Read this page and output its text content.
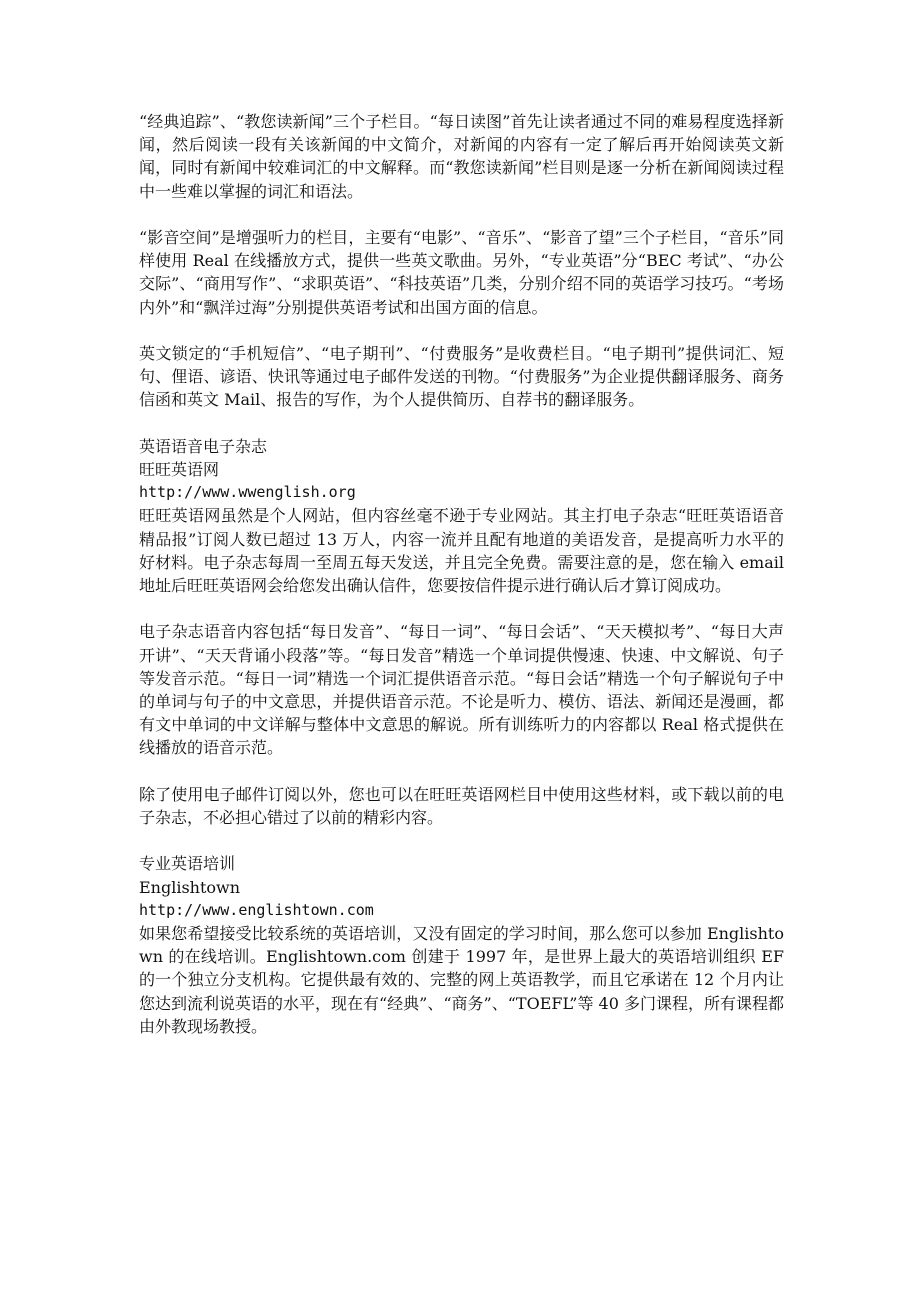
“经典追踪”、“教您读新闻”三个子栏目。“每日读图”首先让读者通过不同的难易程度选择新闻，然后阅读一段有关该新闻的中文简介，对新闻的内容有一定了解后再开始阅读英文新闻，同时有新闻中较难词汇的中文解释。而“教您读新闻”栏目则是逐一分析在新闻阅读过程中一些难以掌握的词汇和语法。

“影音空间”是增强听力的栏目，主要有“电影”、“音乐”、“影音了望”三个子栏目，“音乐”同样使用 Real 在线播放方式，提供一些英文歌曲。另外，“专业英语”分“BEC 考试”、“办公交际”、“商用写作”、“求职英语”、“科技英语”几类，分别介绍不同的英语学习技巧。“考场内外”和“飘洋过海”分别提供英语考试和出国方面的信息。

英文锁定的“手机短信”、“电子期刊”、“付费服务”是收费栏目。“电子期刊”提供词汇、短句、俚语、谚语、快讯等通过电子邮件发送的刊物。“付费服务”为企业提供翻译服务、商务信函和英文 Mail、报告的写作，为个人提供简历、自荐书的翻译服务。

英语语音电子杂志
旺旺英语网
http://www.wwenglish.org

旺旺英语网虽然是个人网站，但内容丝毫不逊于专业网站。其主打电子杂志“旺旺英语语音精品报”订阅人数已超过 13 万人，内容一流并且配有地道的美语发音，是提高听力水平的好材料。电子杂志每周一至周五每天发送，并且完全免费。需要注意的是，您在输入 email 地址后旺旺英语网会给您发出确认信件，您要按信件提示进行确认后才算订阅成功。

电子杂志语音内容包括“每日发音”、“每日一词”、“每日会话”、“天天模拟考”、“每日大声开讲”、“天天背诵小段落”等。“每日发音”精选一个单词提供慢速、快速、中文解说、句子等发音示范。“每日一词”精选一个词汇提供语音示范。“每日会话”精选一个句子解说句子中的单词与句子的中文意思，并提供语音示范。不论是听力、模仿、语法、新闻还是漫画，都有文中单词的中文详解与整体中文意思的解说。所有训练听力的内容都以 Real 格式提供在线播放的语音示范。

除了使用电子邮件订阅以外，您也可以在旺旺英语网栏目中使用这些材料，或下载以前的电子杂志，不必担心错过了以前的精彩内容。

专业英语培训
Englishtown
http://www.englishtown.com

如果您希望接受比较系统的英语培训，又没有固定的学习时间，那么您可以参加 Englishtown 的在线培训。Englishtown.com 创建于 1997 年，是世界上最大的英语培训组织 EF 的一个独立分支机构。它提供最有效的、完整的网上英语教学，而且它承诺在 12 个月内让您达到流利说英语的水平，现在有“经典”、“商务”、“TOEFL”等 40 多门课程，所有课程都由外教现场教授。
